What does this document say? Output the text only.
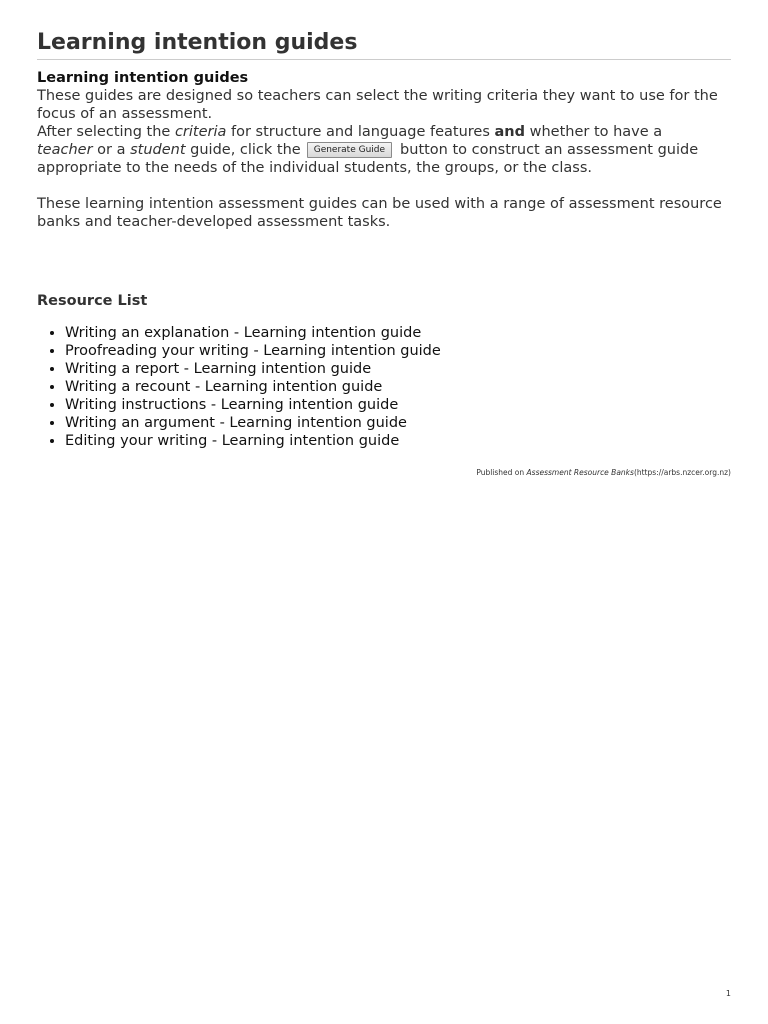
Learning intention guides

Learning intention guides

These guides are designed so teachers can select the writing criteria they want to use for the focus of an assessment.

After selecting the criteria for structure and language features and whether to have a
teacher or a student guide, click the Generate Guide button to construct an assessment guide appropriate to the needs of the individual students, the groups, or the class.

These learning intention assessment guides can be used with a range of assessment resource banks and teacher-developed assessment tasks.

Resource List
• Writing an explanation - Learning intention guide
• Proofreading your writing - Learning intention guide
• Writing a report - Learning intention guide
• Writing a recount - Learning intention guide
• Writing instructions - Learning intention guide
• Writing an argument - Learning intention guide
• Editing your writing - Learning intention guide
Published on Assessment Resource Banks(https://arbs.nzcer.org.nz)
1
